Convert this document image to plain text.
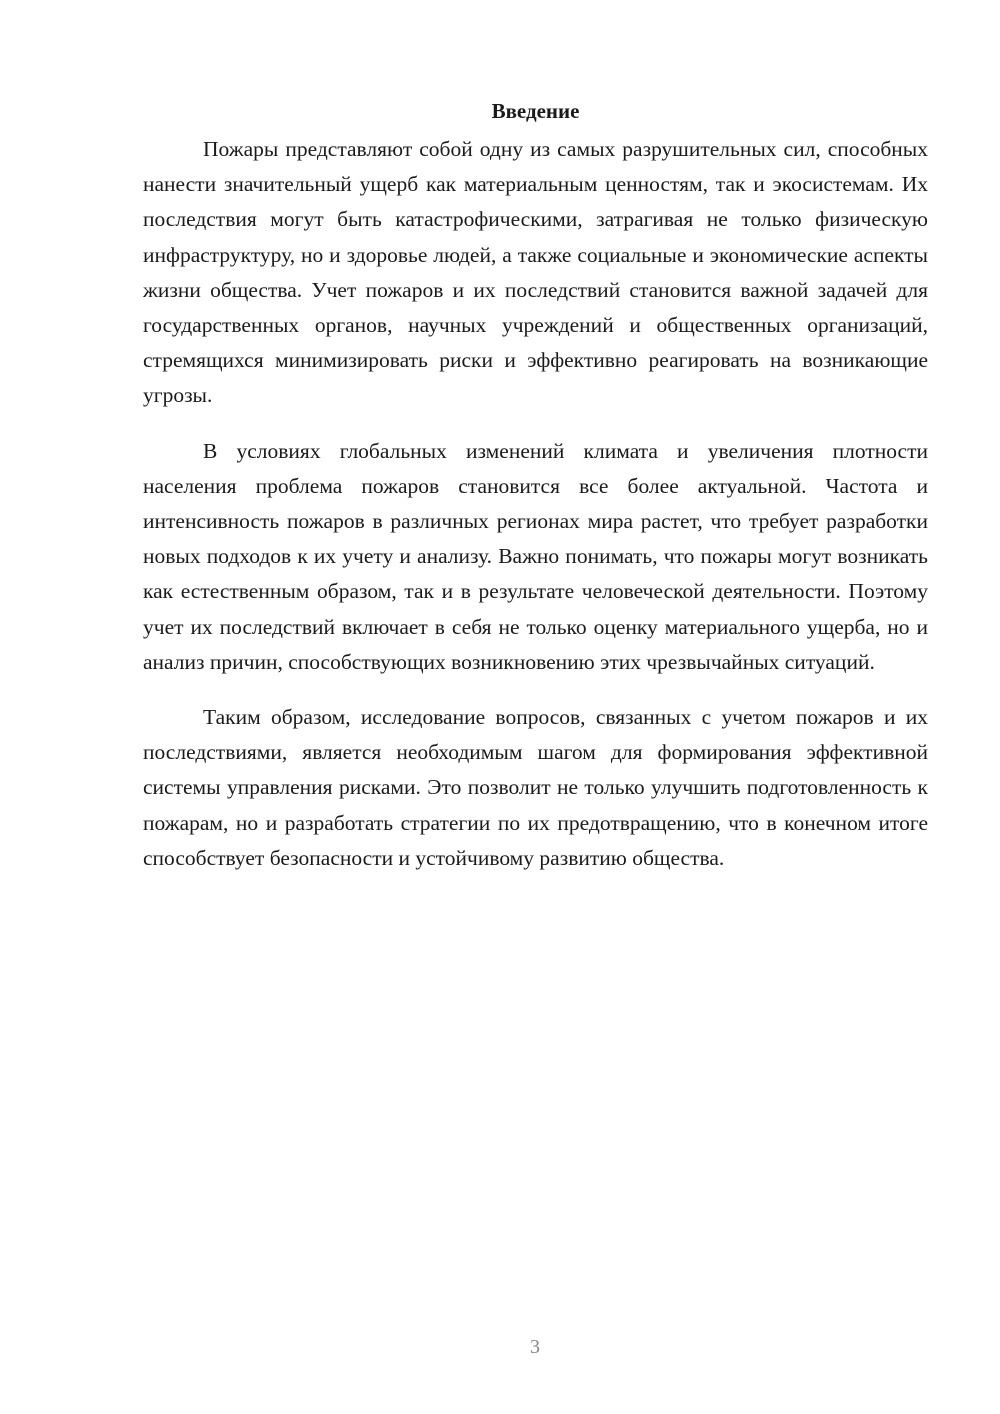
Введение

Пожары представляют собой одну из самых разрушительных сил, способных нанести значительный ущерб как материальным ценностям, так и экосистемам. Их последствия могут быть катастрофическими, затрагивая не только физическую инфраструктуру, но и здоровье людей, а также социальные и экономические аспекты жизни общества. Учет пожаров и их последствий становится важной задачей для государственных органов, научных учреждений и общественных организаций, стремящихся минимизировать риски и эффективно реагировать на возникающие угрозы.

В условиях глобальных изменений климата и увеличения плотности населения проблема пожаров становится все более актуальной. Частота и интенсивность пожаров в различных регионах мира растет, что требует разработки новых подходов к их учету и анализу. Важно понимать, что пожары могут возникать как естественным образом, так и в результате человеческой деятельности. Поэтому учет их последствий включает в себя не только оценку материального ущерба, но и анализ причин, способствующих возникновению этих чрезвычайных ситуаций.

Таким образом, исследование вопросов, связанных с учетом пожаров и их последствиями, является необходимым шагом для формирования эффективной системы управления рисками. Это позволит не только улучшить подготовленность к пожарам, но и разработать стратегии по их предотвращению, что в конечном итоге способствует безопасности и устойчивому развитию общества.

3
